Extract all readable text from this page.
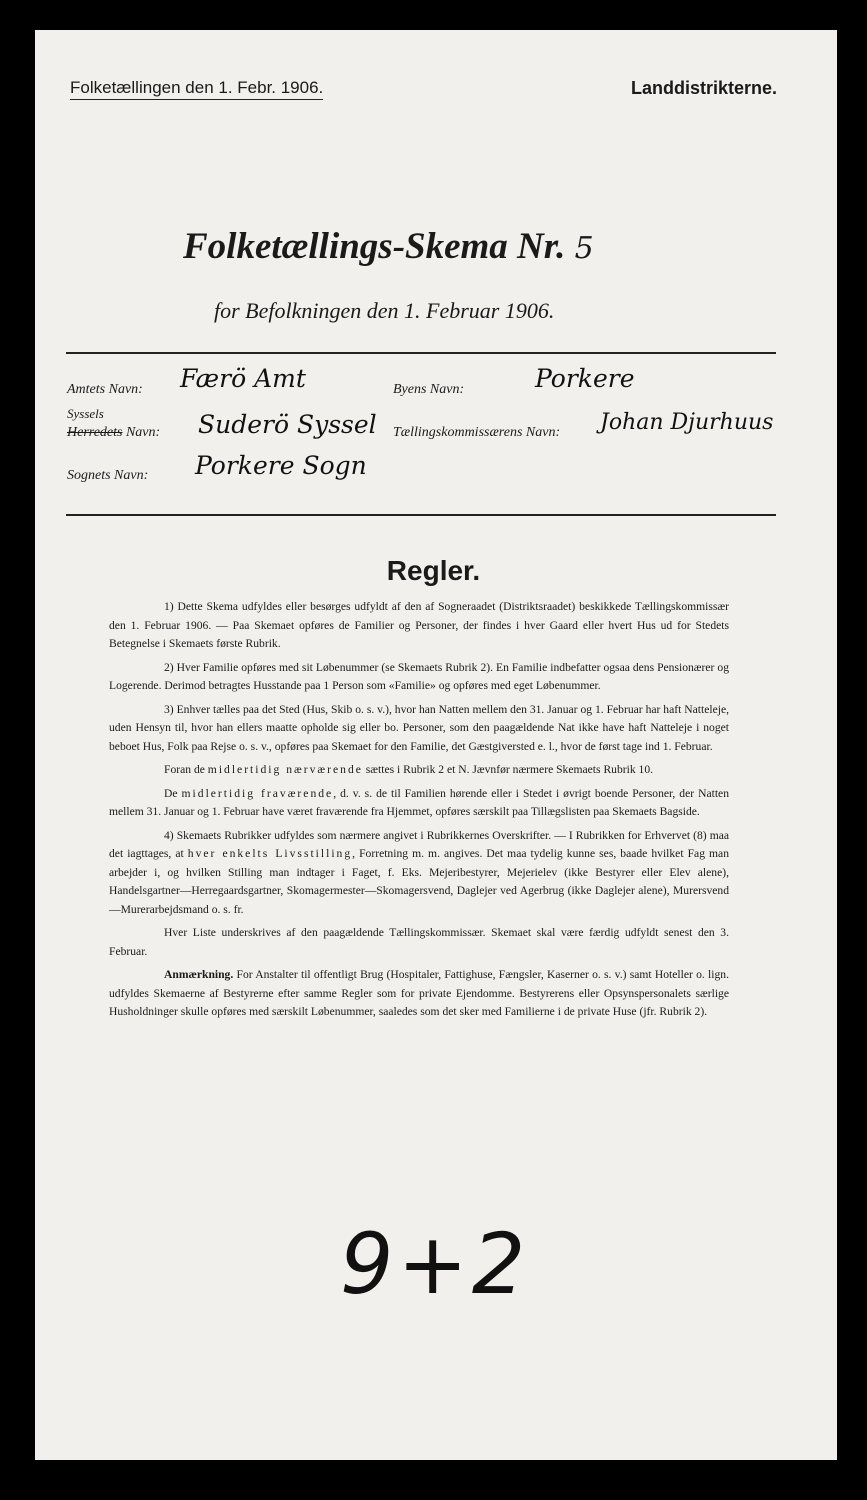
Folketællingen den 1. Febr. 1906.	Landdistrikterne.
Folketællings-Skema Nr. 5
for Befolkningen den 1. Februar 1906.
Amtets Navn: Færö Amt	Byens Navn:	Porkere
Syssels
Herredets Navn: Suderö Syssel Tællingskommissærens Navn: Johan Djurhuus
Sognets Navn: Porkere Sogn
Regler.

1) Dette Skema udfyldes eller besørges udfyldt af den af Sogneraadet (Distriktsraadet) beskikkede Tællingskommissær den 1. Februar 1906. — Paa Skemaet opføres de Familier og Personer, der findes i hver Gaard eller hvert Hus ud for Stedets Betegnelse i Skemaets første Rubrik.

2) Hver Familie opføres med sit Løbenummer (se Skemaets Rubrik 2). En Familie indbefatter ogsaa dens Pensionærer og Logerende. Derimod betragtes Husstande paa 1 Person som «Familie» og opføres med eget Løbenummer.

3) Enhver tælles paa det Sted (Hus, Skib o. s. v.), hvor han Natten mellem den 31. Januar og 1. Februar har haft Natteleje, uden Hensyn til, hvor han ellers maatte opholde sig eller bo. Personer, som den paagældende Nat ikke have haft Natteleje i noget beboet Hus, Folk paa Rejse o. s. v., opføres paa Skemaet for den Familie, det Gæstgiversted e. l., hvor de først tage ind 1. Februar.

Foran de midlertidig nærværende sættes i Rubrik 2 et N. Jævnfør nærmere Skemaets Rubrik 10.

De midlertidig fraværende, d. v. s. de til Familien hørende eller i Stedet i øvrigt boende Personer, der Natten mellem 31. Januar og 1. Februar have været fraværende fra Hjemmet, opføres særskilt paa Tillægslisten paa Skemaets Bagside.

4) Skemaets Rubrikker udfyldes som nærmere angivet i Rubrikkernes Overskrifter. — I Rubrikken for Erhvervet (8) maa det iagttages, at hver enkelts Livsstilling, Forretning m. m. angives. Det maa tydelig kunne ses, baade hvilket Fag man arbejder i, og hvilken Stilling man indtager i Faget, f. Eks. Mejeribestyrer, Mejerielev (ikke Bestyrer eller Elev alene), Handelsgartner—Herregaardsgartner, Skomagermester—Skomagersvend, Daglejer ved Agerbrug (ikke Daglejer alene), Murersvend—Murerarbejdsmand o. s. fr.

Hver Liste underskrives af den paagældende Tællingskommissær. Skemaet skal være færdig udfyldt senest den 3. Februar.

Anmærkning. For Anstalter til offentligt Brug (Hospitaler, Fattighuse, Fængsler, Kaserner o. s. v.) samt Hoteller o. lign. udfyldes Skemaerne af Bestyrerne efter samme Regler som for private Ejendomme. Bestyrerens eller Opsynspersonalets særlige Husholdninger skulle opføres med særskilt Løbenummer, saaledes som det sker med Familierne i de private Huse (jfr. Rubrik 2).

9+2
